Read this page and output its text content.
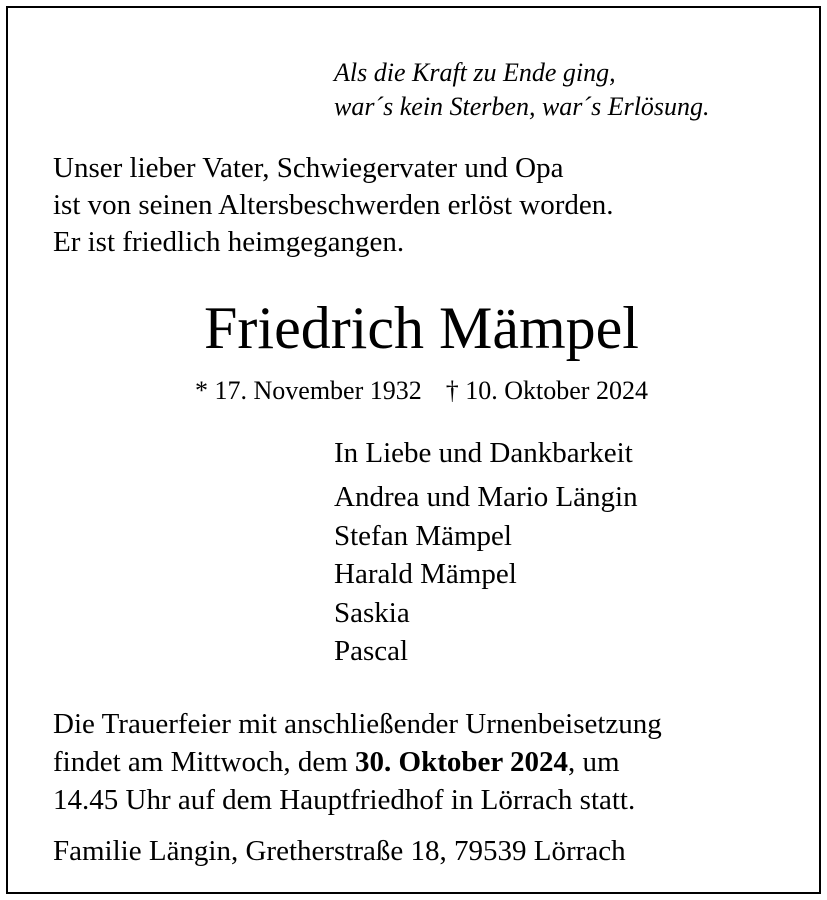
Als die Kraft zu Ende ging,
war´s kein Sterben, war´s Erlösung.
Unser lieber Vater, Schwiegervater und Opa
ist von seinen Altersbeschwerden erlöst worden.
Er ist friedlich heimgegangen.
Friedrich Mämpel
* 17. November 1932 † 10. Oktober 2024
In Liebe und Dankbarkeit
Andrea und Mario Längin
Stefan Mämpel
Harald Mämpel
Saskia
Pascal
Die Trauerfeier mit anschließender Urnenbeisetzung
findet am Mittwoch, dem 30. Oktober 2024, um
14.45 Uhr auf dem Hauptfriedhof in Lörrach statt.
Familie Längin, Gretherstraße 18, 79539 Lörrach
